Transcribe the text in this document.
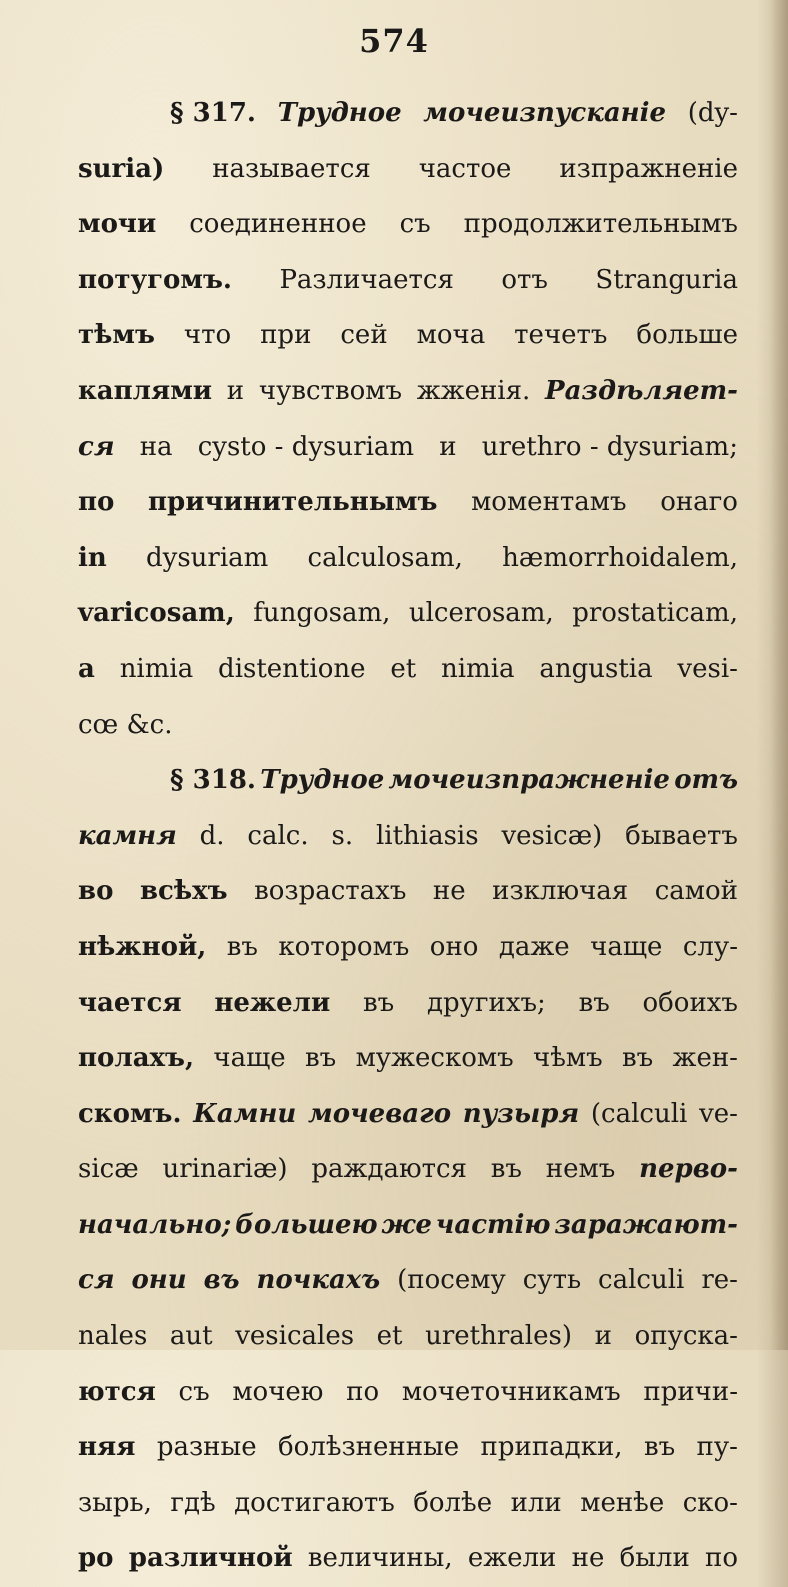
574
§ 317. Трудное мочеизпусканіе (dy-
suria) называется частое изпражненіе
мочи соединенное съ продолжительнымъ
потугомъ. Различается отъ Stranguria
тѣмъ что при сей моча течетъ больше
каплями и чувствомъ жженія. Раздѣляет-
ся на cysto - dysuriam и urethro - dysuriam;
по причинительнымъ моментамъ онаго
in dysuriam calculosam, hæmorrhoidalem,
varicosam, fungosam, ulcerosam, prostaticam,
a nimia distentione et nimia angustia vesi-
cœ &c.
§ 318. Трудное мочеизпражненіе отъ
камня d. calc. s. lithiasis vesicæ) бываетъ
во всѣхъ возрастахъ не изключая самой
нѣжной, въ которомъ оно даже чаще слу-
чается нежели въ другихъ; въ обоихъ
полахъ, чаще въ мужескомъ чѣмъ въ жен-
скомъ. Камни мочеваго пузыря (calculi ve-
sicæ urinariæ) раждаются въ немъ перво-
начально; большею же частію заражают-
ся они въ почкахъ (посему суть calculi re-
nales aut vesicales et urethrales) и опуска-
ются съ мочею по мочеточникамъ причи-
няя разные болѣзненные припадки, въ пу-
зырь, гдѣ достигаютъ болѣе или менѣе ско-
ро различной величины, ежели не были по
